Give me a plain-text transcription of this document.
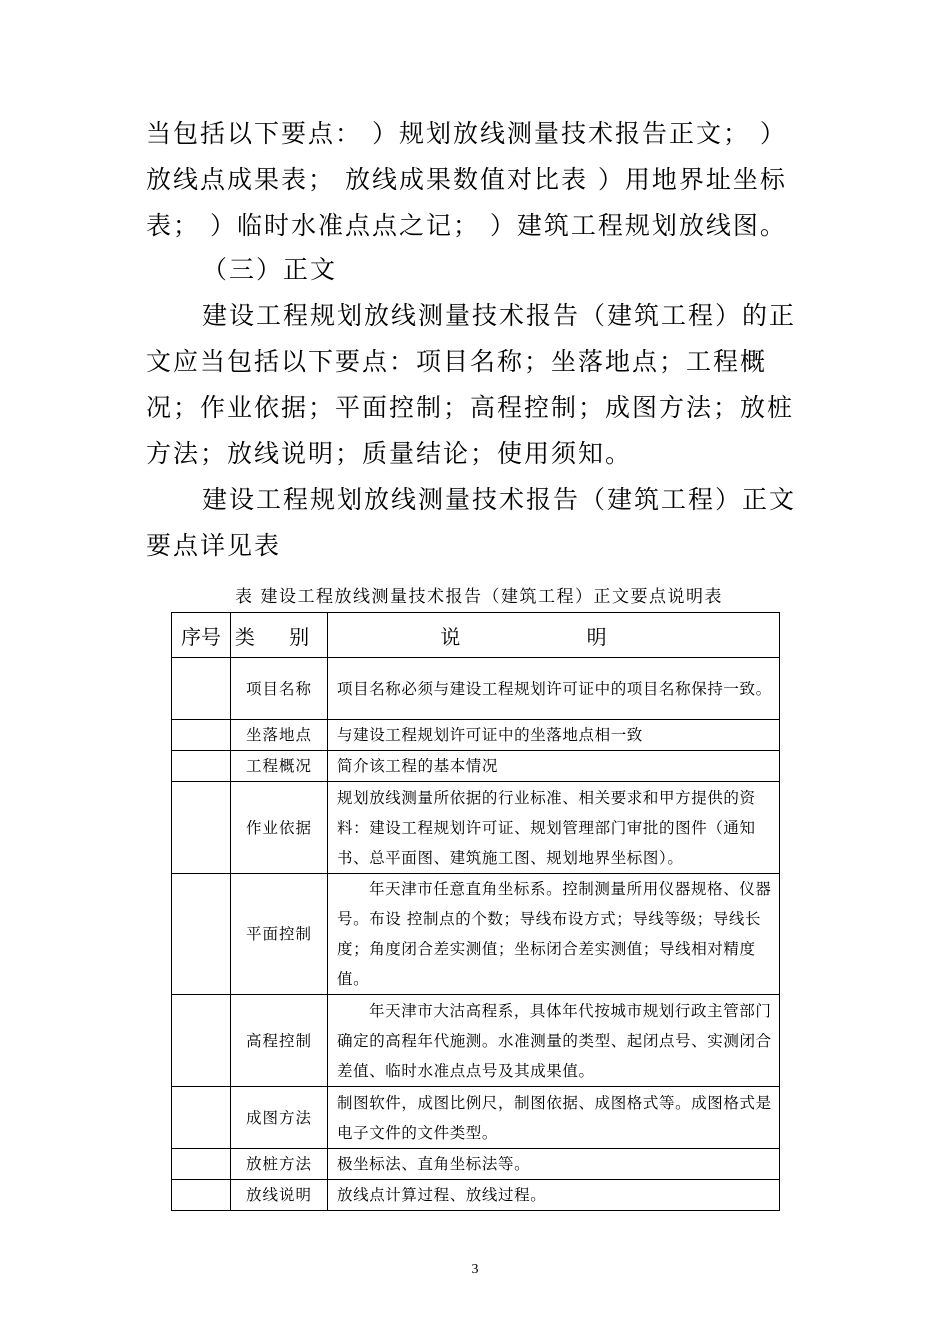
当包括以下要点： ）规划放线测量技术报告正文； ）放线点成果表； 放线成果数值对比表 ）用地界址坐标表； ）临时水准点点之记； ）建筑工程规划放线图。

（三）正文

建设工程规划放线测量技术报告（建筑工程）的正文应当包括以下要点：项目名称；坐落地点；工程概况；作业依据；平面控制；高程控制；成图方法；放桩方法；放线说明；质量结论；使用须知。

建设工程规划放线测量技术报告（建筑工程）正文要点详见表

表 建设工程放线测量技术报告（建筑工程）正文要点说明表
序号	类 别	说 明
	项目名称	项目名称必须与建设工程规划许可证中的项目名称保持一致。
	坐落地点	与建设工程规划许可证中的坐落地点相一致
	工程概况	简介该工程的基本情况
	作业依据	规划放线测量所依据的行业标准、相关要求和甲方提供的资料：建设工程规划许可证、规划管理部门审批的图件（通知书、总平面图、建筑施工图、规划地界坐标图）。
	平面控制	年天津市任意直角坐标系。控制测量所用仪器规格、仪器号。布设 控制点的个数；导线布设方式；导线等级；导线长度；角度闭合差实测值；坐标闭合差实测值；导线相对精度值。
	高程控制	年天津市大沽高程系，具体年代按城市规划行政主管部门确定的高程年代施测。水准测量的类型、起闭点号、实测闭合差值、临时水准点点号及其成果值。
	成图方法	制图软件，成图比例尺，制图依据、成图格式等。成图格式是电子文件的文件类型。
	放桩方法	极坐标法、直角坐标法等。
	放线说明	放线点计算过程、放线过程。
3
